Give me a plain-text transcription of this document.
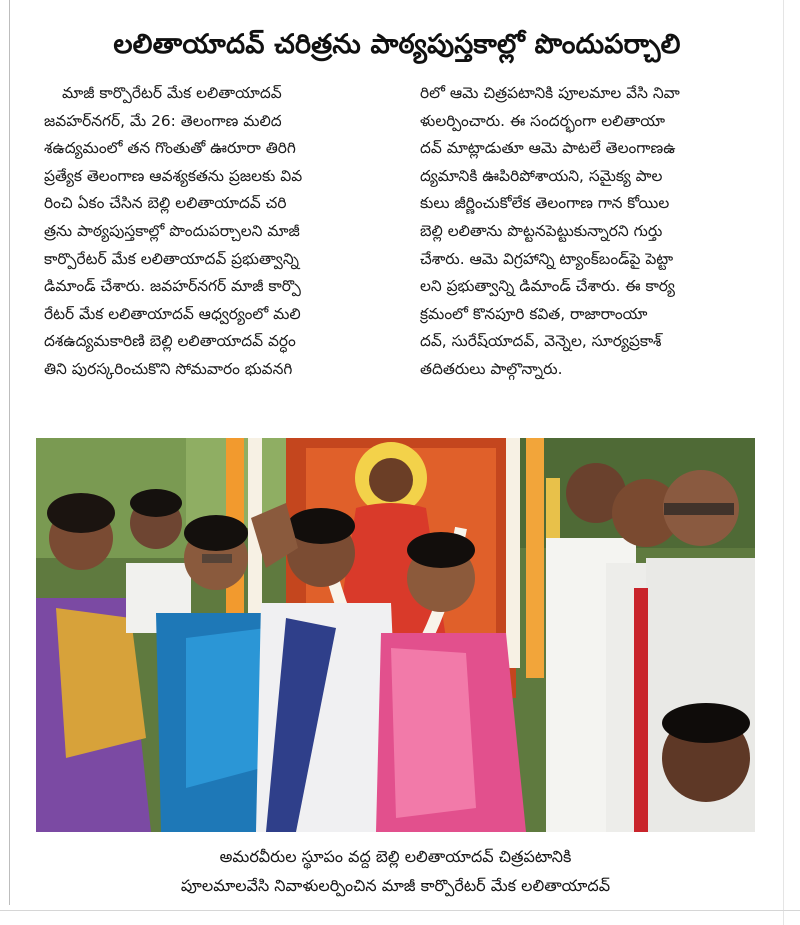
లలితాయాదవ్ చరిత్రను పాఠ్యపుస్తకాల్లో పొందుపర్చాలి
మాజీ కార్పొరేటర్ మేక లలితాయాదవ్
జవహర్‌నగర్, మే 26: తెలంగాణ మలిద
శఉద్యమంలో తన గొంతుతో ఊరూరా తిరిగి
ప్రత్యేక తెలంగాణ ఆవశ్యకతను ప్రజలకు వివ
రించి ఏకం చేసిన బెల్లి లలితాయాదవ్ చరి
త్రను పాఠ్యపుస్తకాల్లో పొందుపర్చాలని మాజీ
కార్పొరేటర్ మేక లలితాయాదవ్ ప్రభుత్వాన్ని
డిమాండ్ చేశారు. జవహర్‌నగర్ మాజీ కార్పొ
రేటర్ మేక లలితాయాదవ్ ఆధ్వర్యంలో మలి
దశఉద్యమకారిణి బెల్లి లలితాయాదవ్ వర్ధం
తిని పురస్కరించుకొని సోమవారం భువనగి
రిలో ఆమె చిత్రపటానికి పూలమాల వేసి నివా
ళులర్పించారు. ఈ సందర్భంగా లలితాయా
దవ్ మాట్లాడుతూ ఆమె పాటలే తెలంగాణఉ
ద్యమానికి ఊపిరిపోశాయని, సమైక్య పాల
కులు జీర్ణించుకోలేక తెలంగాణ గాన కోయిల
బెల్లి లలితాను పొట్టనపెట్టుకున్నారని గుర్తు
చేశారు. ఆమె విగ్రహాన్ని ట్యాంక్‌బండ్‌పై పెట్టా
లని ప్రభుత్వాన్ని డిమాండ్ చేశారు. ఈ కార్య
క్రమంలో కొనపూరి కవిత, రాజారాంయా
దవ్, సురేష్‌యాదవ్, వెన్నెల, సూర్యప్రకాశ్
తదితరులు పాల్గొన్నారు.
అమరవీరుల స్థూపం వద్ద బెల్లి లలితాయాదవ్ చిత్రపటానికి
పూలమాలవేసి నివాళులర్పించిన మాజీ కార్పొరేటర్ మేక లలితాయాదవ్
